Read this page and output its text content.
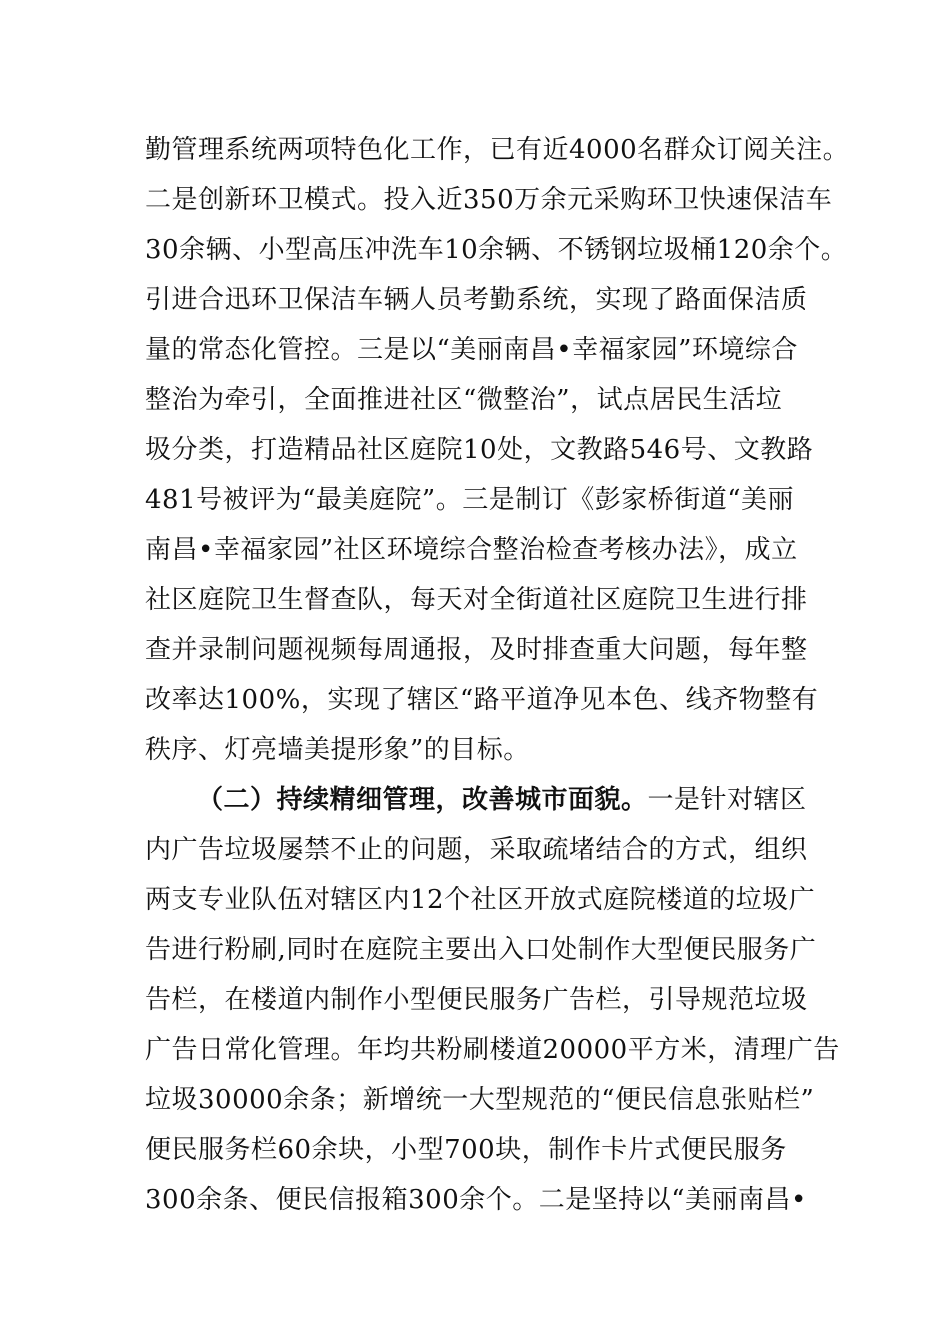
勤管理系统两项特色化工作，已有近4000名群众订阅关注。
二是创新环卫模式。投入近350万余元采购环卫快速保洁车
30余辆、小型高压冲洗车10余辆、不锈钢垃圾桶120余个。
引进合迅环卫保洁车辆人员考勤系统，实现了路面保洁质
量的常态化管控。三是以“美丽南昌•幸福家园”环境综合
整治为牵引，全面推进社区“微整治”，试点居民生活垃
圾分类，打造精品社区庭院10处，文教路546号、文教路
481号被评为“最美庭院”。三是制订《彭家桥街道“美丽
南昌•幸福家园”社区环境综合整治检查考核办法》，成立
社区庭院卫生督查队，每天对全街道社区庭院卫生进行排
查并录制问题视频每周通报，及时排查重大问题，每年整
改率达100%，实现了辖区“路平道净见本色、线齐物整有
秩序、灯亮墙美提形象”的目标。
（二）持续精细管理，改善城市面貌。一是针对辖区
内广告垃圾屡禁不止的问题，采取疏堵结合的方式，组织
两支专业队伍对辖区内12个社区开放式庭院楼道的垃圾广
告进行粉刷,同时在庭院主要出入口处制作大型便民服务广
告栏，在楼道内制作小型便民服务广告栏，引导规范垃圾
广告日常化管理。年均共粉刷楼道20000平方米，清理广告
垃圾30000余条；新增统一大型规范的“便民信息张贴栏”
便民服务栏60余块，小型700块，制作卡片式便民服务
300余条、便民信报箱300余个。二是坚持以“美丽南昌•
